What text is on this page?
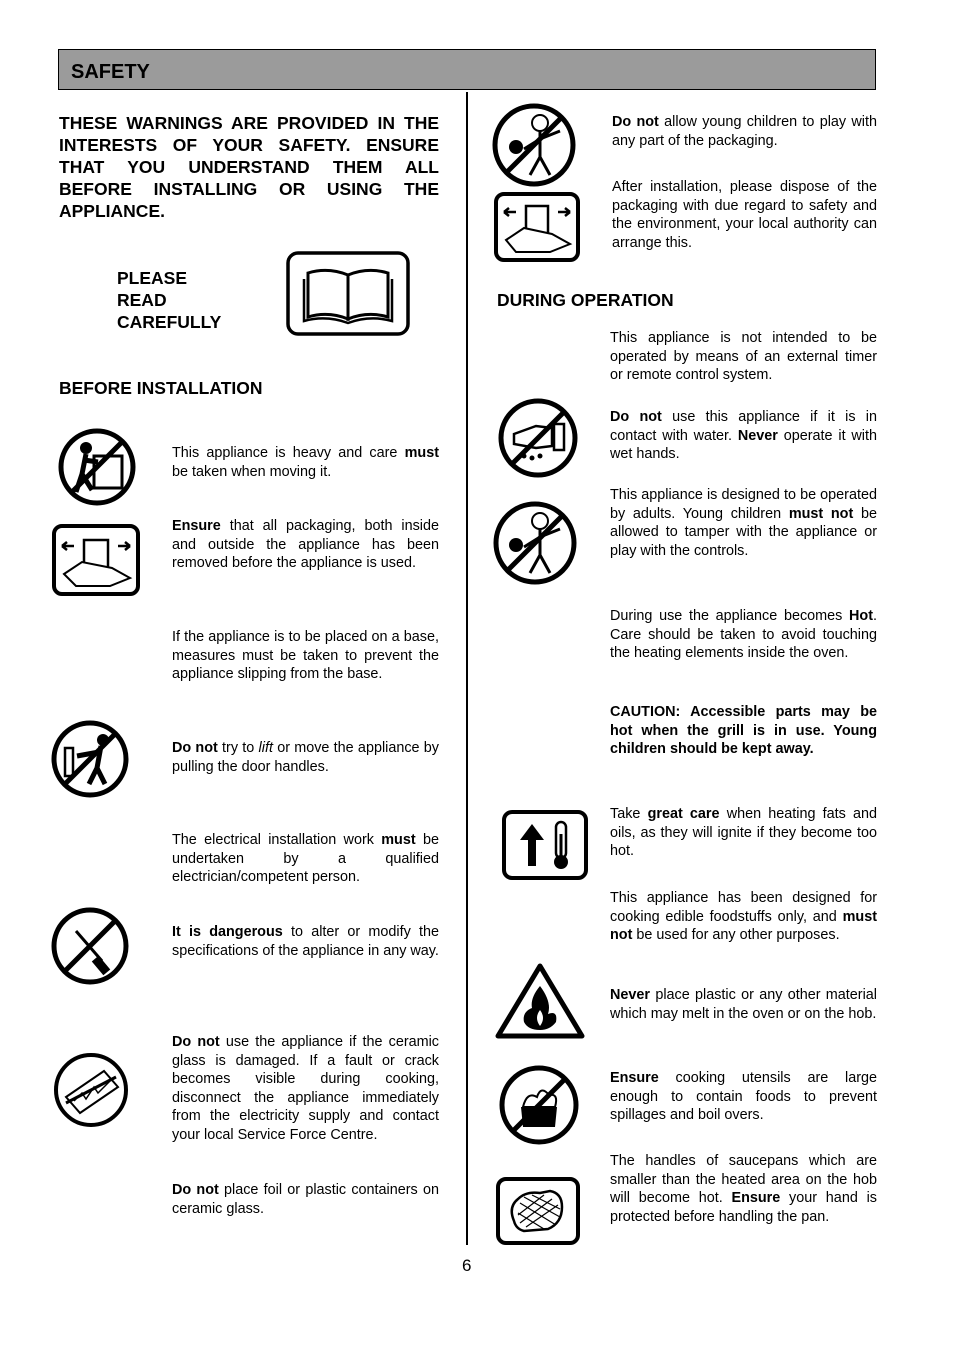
SAFETY
THESE WARNINGS ARE PROVIDED IN THE INTERESTS OF YOUR SAFETY. ENSURE THAT YOU UNDERSTAND THEM ALL BEFORE INSTALLING OR USING THE APPLIANCE.
PLEASE
READ
CAREFULLY
BEFORE INSTALLATION
This appliance is heavy and care must be taken when moving it.
Ensure that all packaging, both inside and outside the appliance has been removed before the appliance is used.
If the appliance is to be placed on a base, measures must be taken to prevent the appliance slipping from the base.
Do not try to lift or move the appliance by pulling the door handles.
The electrical installation work must be undertaken by a qualified electrician/competent person.
It is dangerous to alter or modify the specifications of the appliance in any way.
Do not use the appliance if the ceramic glass is damaged. If a fault or crack becomes visible during cooking, disconnect the appliance immediately from the electricity supply and contact your local Service Force Centre.
Do not place foil or plastic containers on ceramic glass.
DURING OPERATION
Do not allow young children to play with any part of the packaging.
After installation, please dispose of the packaging with due regard to safety and the environment, your local authority can arrange this.
This appliance is not intended to be operated by means of an external timer or remote control system.
Do not use this appliance if it is in contact with water. Never operate it with wet hands.
This appliance is designed to be operated by adults. Young children must not be allowed to tamper with the appliance or play with the controls.
During use the appliance becomes Hot. Care should be taken to avoid touching the heating elements inside the oven.
CAUTION: Accessible parts may be hot when the grill is in use. Young children should be kept away.
Take great care when heating fats and oils, as they will ignite if they become too hot.
This appliance has been designed for cooking edible foodstuffs only, and must not be used for any other purposes.
Never place plastic or any other material which may melt in the oven or on the hob.
Ensure cooking utensils are large enough to contain foods to prevent spillages and boil overs.
The handles of saucepans which are smaller than the heated area on the hob will become hot. Ensure your hand is protected before handling the pan.
6
